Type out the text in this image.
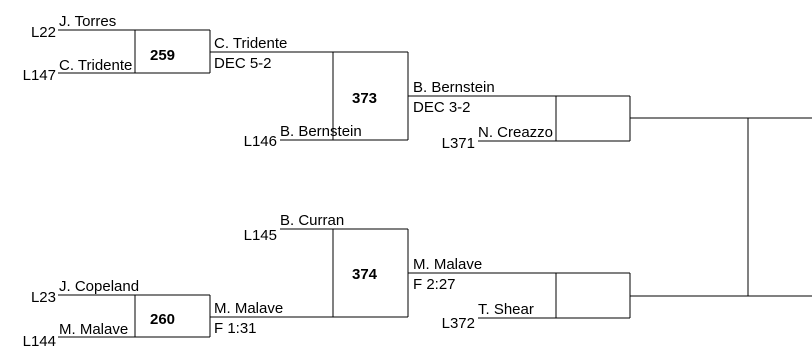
259
L22
J. Torres
L147
C. Tridente
260
L23
J. Copeland
L144
M. Malave
373
C. Tridente
DEC 5-2
L146
B. Bernstein
374
L145
B. Curran
M. Malave
F 1:31
B. Bernstein
DEC 3-2
L371
N. Creazzo
M. Malave
F 2:27
L372
T. Shear
